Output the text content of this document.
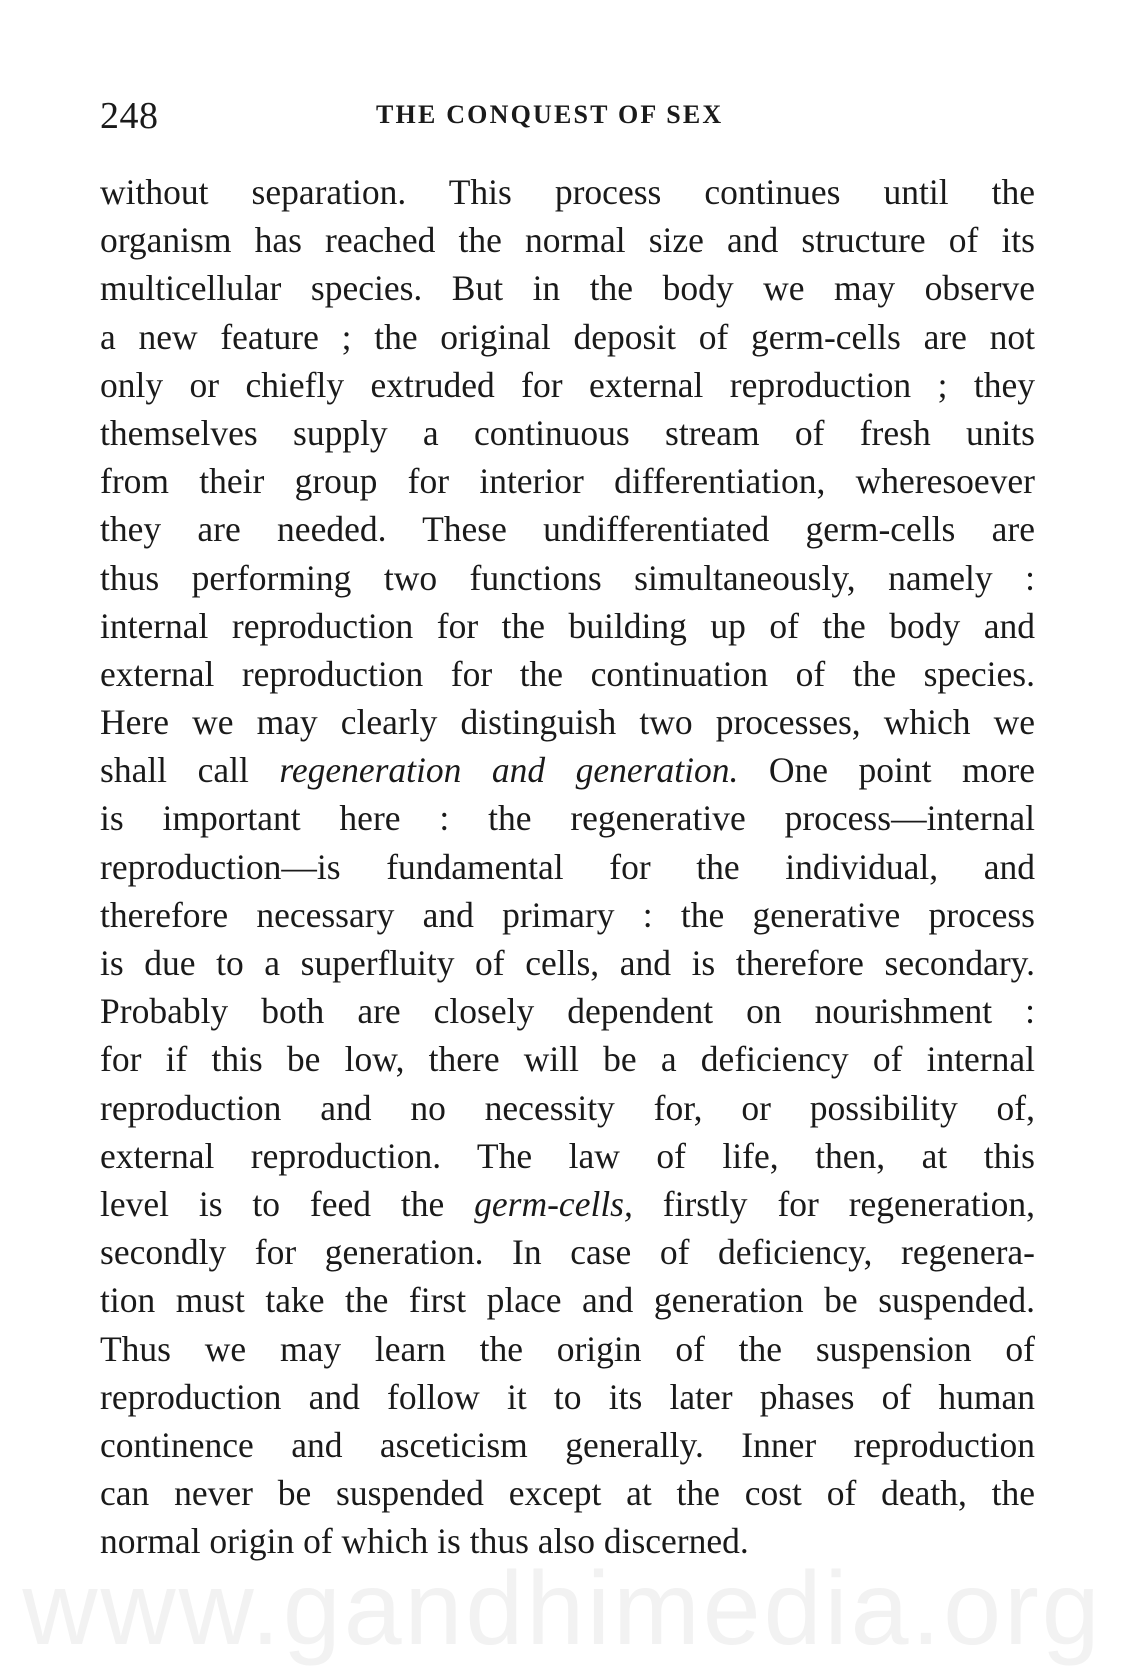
248	THE CONQUEST OF SEX
without separation. This process continues until the
organism has reached the normal size and structure of its
multicellular species. But in the body we may observe
a new feature ; the original deposit of germ-cells are not
only or chiefly extruded for external reproduction ; they
themselves supply a continuous stream of fresh units
from their group for interior differentiation, wheresoever
they are needed. These undifferentiated germ-cells are
thus performing two functions simultaneously, namely :
internal reproduction for the building up of the body and
external reproduction for the continuation of the species.
Here we may clearly distinguish two processes, which we
shall call regeneration and generation. One point more
is important here : the regenerative process—internal
reproduction—is fundamental for the individual, and
therefore necessary and primary : the generative process
is due to a superfluity of cells, and is therefore secondary.
Probably both are closely dependent on nourishment :
for if this be low, there will be a deficiency of internal
reproduction and no necessity for, or possibility of,
external reproduction. The law of life, then, at this
level is to feed the germ-cells, firstly for regeneration,
secondly for generation. In case of deficiency, regenera-
tion must take the first place and generation be suspended.
Thus we may learn the origin of the suspension of
reproduction and follow it to its later phases of human
continence and asceticism generally. Inner reproduction
can never be suspended except at the cost of death, the
normal origin of which is thus also discerned.
www.gandhimedia.org
